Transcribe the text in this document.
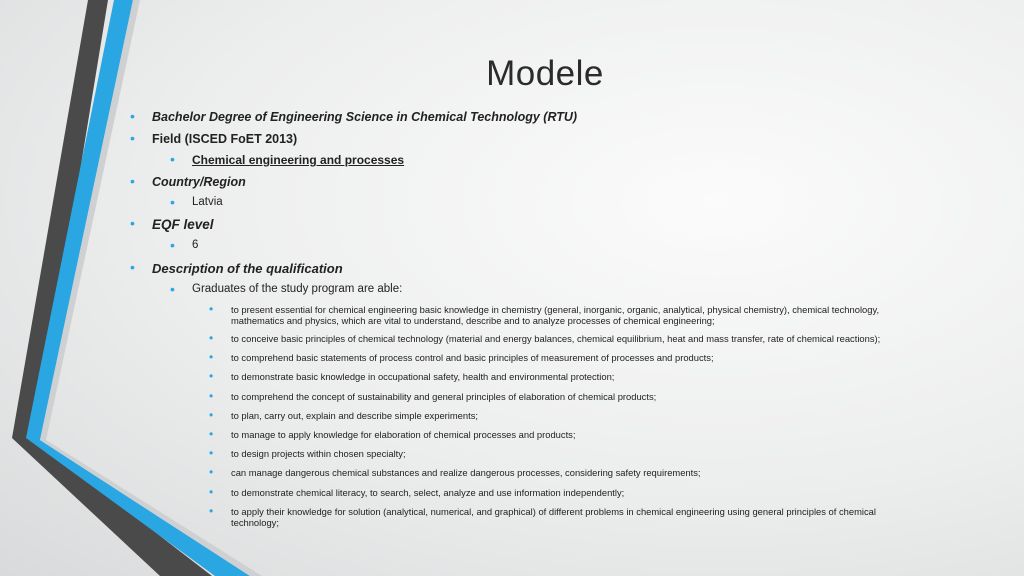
Modele
•	Bachelor Degree of Engineering Science in Chemical Technology (RTU)
•	Field (ISCED FoET 2013)
•	Chemical engineering and processes
•	Country/Region
•	Latvia
•	EQF level
•	6
•	Description of the qualification
•	Graduates of the study program are able:
•	to present essential for chemical engineering basic knowledge in chemistry (general, inorganic, organic, analytical, physical chemistry), chemical technology, mathematics and physics, which are vital to understand, describe and to analyze processes of chemical engineering;
•	to conceive basic principles of chemical technology (material and energy balances, chemical equilibrium, heat and mass transfer, rate of chemical reactions);
•	to comprehend basic statements of process control and basic principles of measurement of processes and products;
•	to demonstrate basic knowledge in occupational safety, health and environmental protection;
•	to comprehend the concept of sustainability and general principles of elaboration of chemical products;
•	to plan, carry out, explain and describe simple experiments;
•	to manage to apply knowledge for elaboration of chemical processes and products;
•	to design projects within chosen specialty;
•	can manage dangerous chemical substances and realize dangerous processes, considering safety requirements;
•	to demonstrate chemical literacy, to search, select, analyze and use information independently;
•	to apply their knowledge for solution (analytical, numerical, and graphical) of different problems in chemical engineering using general principles of chemical technology;
